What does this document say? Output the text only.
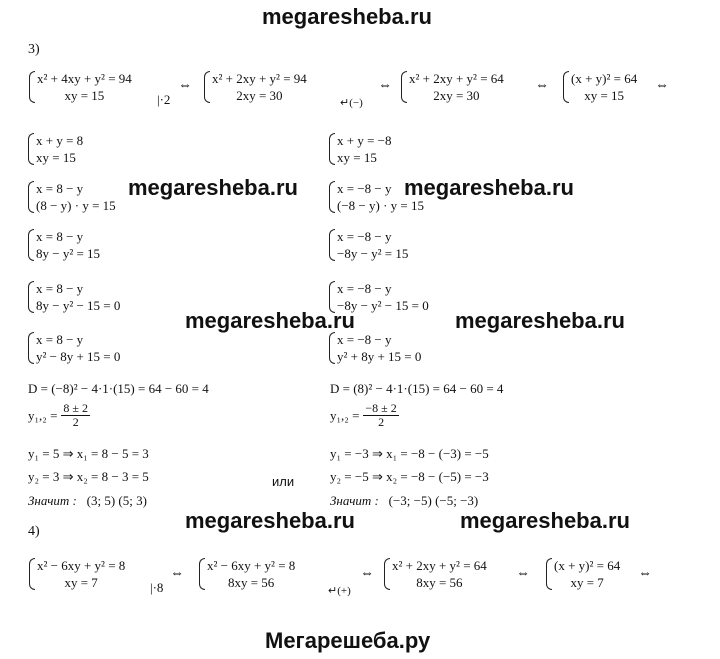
megaresheba.ru
megaresheba.ru	megaresheba.ru
megaresheba.ru	megaresheba.ru
megaresheba.ru	megaresheba.ru
Мегарешеба.ру
3)
x² + 4xy + y² = 94
xy = 15	|·2
⇔ x² + 2xy + y² = 94
2xy = 30	↵(−)
⇔ x² + 2xy + y² = 64
2xy = 30
⇔ (x + y)² = 64
xy = 15
⇔
x + y = 8
xy = 15
x = 8 − y
(8 − y) · y = 15
x = 8 − y
8y − y² = 15
x = 8 − y
8y − y² − 15 = 0
x = 8 − y
y² − 8y + 15 = 0
D = (−8)² − 4·1·(15) = 64 − 60 = 4
$y_1,_2 = \frac{8 \pm 2}{2}$
y₁ = 5 ⇒ x₁ = 8 − 5 = 3
y₂ = 3 ⇒ x₂ = 8 − 3 = 5
Значит : (3; 5) (5; 3)
или
x + y = −8
xy = 15
x = −8 − y
(−8 − y) · y = 15
x = −8 − y
−8y − y² = 15
x = −8 − y
−8y − y² − 15 = 0
x = −8 − y
y² + 8y + 15 = 0
D = (8)² − 4·1·(15) = 64 − 60 = 4
$y_1,_2 = \frac{-8 \pm 2}{2}$
y₁ = −3 ⇒ x₁ = −8 − (−3) = −5
y₂ = −5 ⇒ x₂ = −8 − (−5) = −3
Значит : (−3; −5) (−5; −3)
4)
x² − 6xy + y² = 8
xy = 7	|·8
⇔
x² − 6xy + y² = 8
8xy = 56
↵(+)
⇔
x² + 2xy + y² = 64
8xy = 56
⇔
(x + y)² = 64
xy = 7
⇔
